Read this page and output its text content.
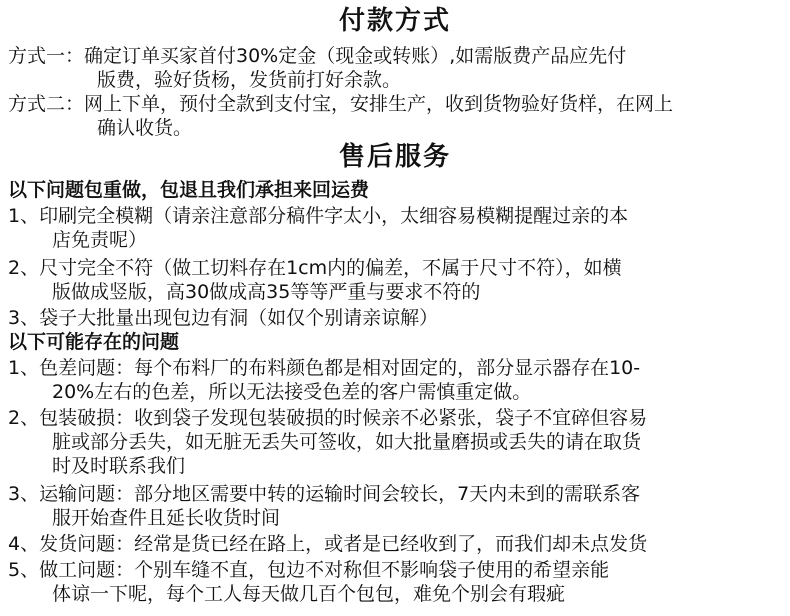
付款方式
方式一：确定订单买家首付30%定金（现金或转账）,如需版费产品应先付
版费，验好货杨，发货前打好余款。
方式二：网上下单，预付全款到支付宝，安排生产，收到货物验好货样，在网上
确认收货。
售后服务
以下问题包重做，包退且我们承担来回运费
1、印刷完全模糊（请亲注意部分稿件字太小，太细容易模糊提醒过亲的本
店免责呢）
2、尺寸完全不符（做工切料存在1cm内的偏差，不属于尺寸不符），如横
版做成竖版，高30做成高35等等严重与要求不符的
3、袋子大批量出现包边有洞（如仅个别请亲谅解）
以下可能存在的问题
1、色差问题：每个布料厂的布料颜色都是相对固定的，部分显示器存在10-
20%左右的色差，所以无法接受色差的客户需慎重定做。
2、包装破损：收到袋子发现包装破损的时候亲不必紧张，袋子不宜碎但容易
脏或部分丢失，如无脏无丢失可签收，如大批量磨损或丢失的请在取货
时及时联系我们
3、运输问题：部分地区需要中转的运输时间会较长，7天内未到的需联系客
服开始查件且延长收货时间
4、发货问题：经常是货已经在路上，或者是已经收到了，而我们却未点发货
5、做工问题：个别车缝不直，包边不对称但不影响袋子使用的希望亲能
体谅一下呢，每个工人每天做几百个包包，难免个别会有瑕疵
